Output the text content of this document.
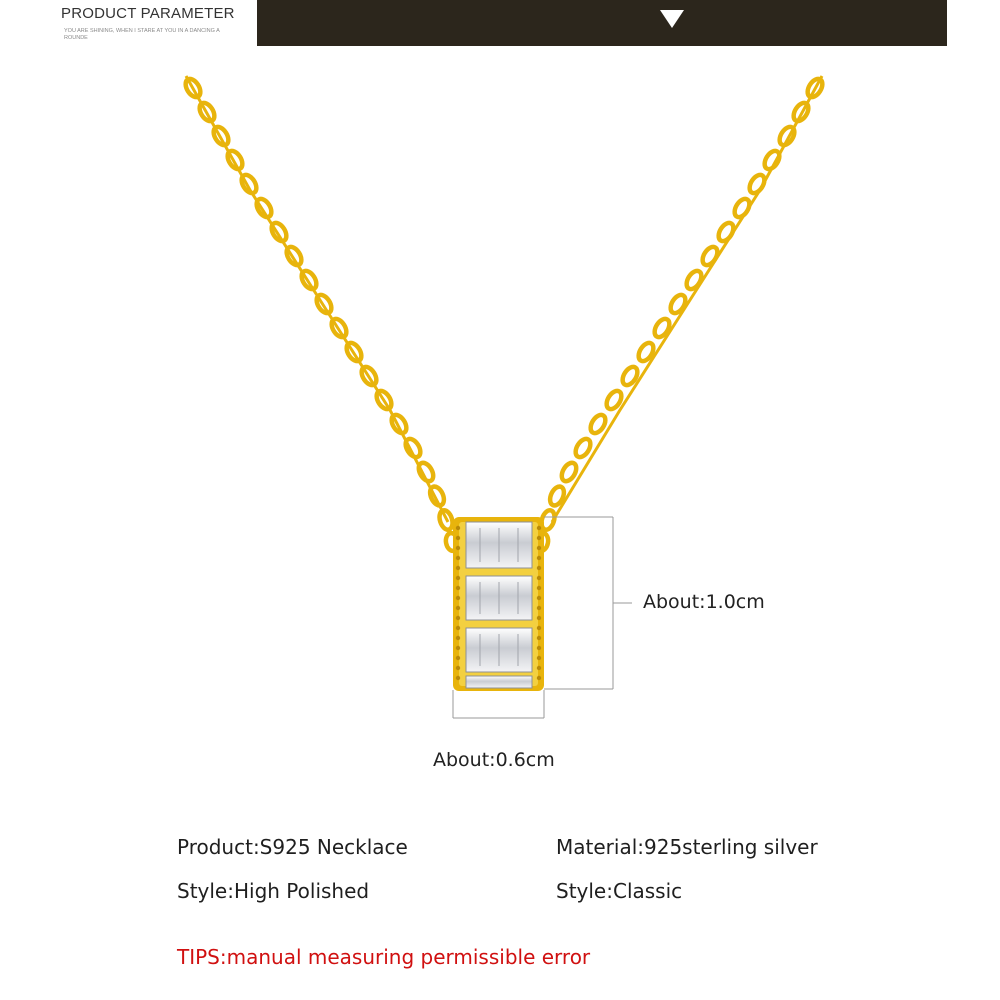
PRODUCT PARAMETER
YOU ARE SHINING, WHEN I STARE AT YOU IN A DANCING A ROUNDE
About:1.0cm
About:0.6cm
Product:S925 Necklace	Material:925sterling silver
Style:High Polished	Style:Classic
TIPS:manual measuring permissible error
